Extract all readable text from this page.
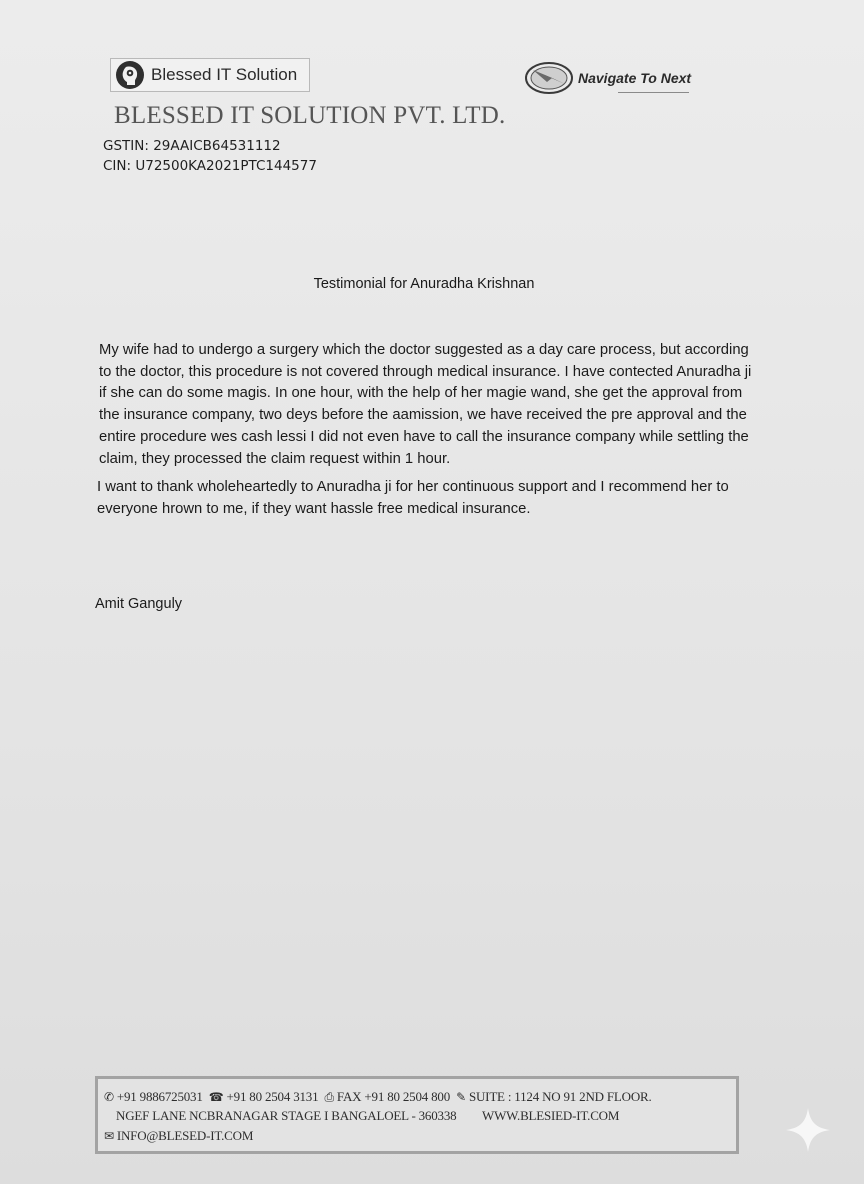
Blessed IT Solution	Navigate To Next
BLESSED IT SOLUTION PVT. LTD.
GSTIN: 29AAICB64531112
CIN: U72500KA2021PTC144577
Testimonial for Anuradha Krishnan

My wife had to undergo a surgery which the doctor suggested as a day care process, but according
to the doctor, this procedure is not covered through medical insurance. I have contected Anuradha ji
if she can do some magis. In one hour, with the help of her magie wand, she get the approval from
the insurance company, two deys before the aamission, we have received the pre approval and the
entire procedure wes cash lessi I did not even have to call the insurance company while settling the
claim, they processed the claim request within 1 hour.

I want to thank wholeheartedly to Anuradha ji for her continuous support and I recommend her to
everyone hrown to me, if they want hassle free medical insurance.

Amit Ganguly
✆ +91 9886725031 ☎ +91 80 2504 3131 ⎙ FAX +91 80 2504 800 ✎ SUITE : 1124 NO 91 2ND FLOOR.
NGEF LANE NCBRANAGAR STAGE I BANGALOEL - 360338 WWW.BLESIED-IT.COM
✉ INFO@BLESED-IT.COM
